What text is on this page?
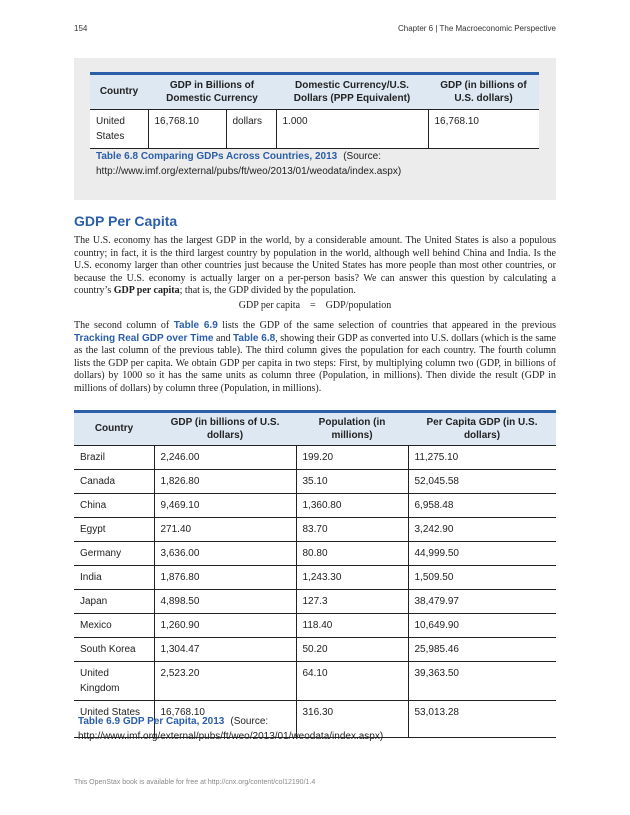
154	Chapter 6 | The Macroeconomic Perspective
Country	GDP in Billions of Domestic Currency		Domestic Currency/U.S. Dollars (PPP Equivalent)	GDP (in billions of U.S. dollars)
United States	16,768.10	dollars	1.000	16,768.10
Table 6.8 Comparing GDPs Across Countries, 2013 (Source: http://www.imf.org/external/pubs/ft/weo/2013/01/weodata/index.aspx)
GDP Per Capita
The U.S. economy has the largest GDP in the world, by a considerable amount. The United States is also a populous country; in fact, it is the third largest country by population in the world, although well behind China and India. Is the U.S. economy larger than other countries just because the United States has more people than most other countries, or because the U.S. economy is actually larger on a per-person basis? We can answer this question by calculating a country’s GDP per capita; that is, the GDP divided by the population.
GDP per capita = GDP/population
The second column of Table 6.9 lists the GDP of the same selection of countries that appeared in the previous Tracking Real GDP over Time and Table 6.8, showing their GDP as converted into U.S. dollars (which is the same as the last column of the previous table). The third column gives the population for each country. The fourth column lists the GDP per capita. We obtain GDP per capita in two steps: First, by multiplying column two (GDP, in billions of dollars) by 1000 so it has the same units as column three (Population, in millions). Then divide the result (GDP in millions of dollars) by column three (Population, in millions).
Country	GDP (in billions of U.S. dollars)	Population (in millions)	Per Capita GDP (in U.S. dollars)
Brazil	2,246.00	199.20	11,275.10
Canada	1,826.80	35.10	52,045.58
China	9,469.10	1,360.80	6,958.48
Egypt	271.40	83.70	3,242.90
Germany	3,636.00	80.80	44,999.50
India	1,876.80	1,243.30	1,509.50
Japan	4,898.50	127.3	38,479.97
Mexico	1,260.90	118.40	10,649.90
South Korea	1,304.47	50.20	25,985.46
United Kingdom	2,523.20	64.10	39,363.50
United States	16,768.10	316.30	53,013.28
Table 6.9 GDP Per Capita, 2013 (Source: http://www.imf.org/external/pubs/ft/weo/2013/01/weodata/index.aspx)
This OpenStax book is available for free at http://cnx.org/content/col12190/1.4
